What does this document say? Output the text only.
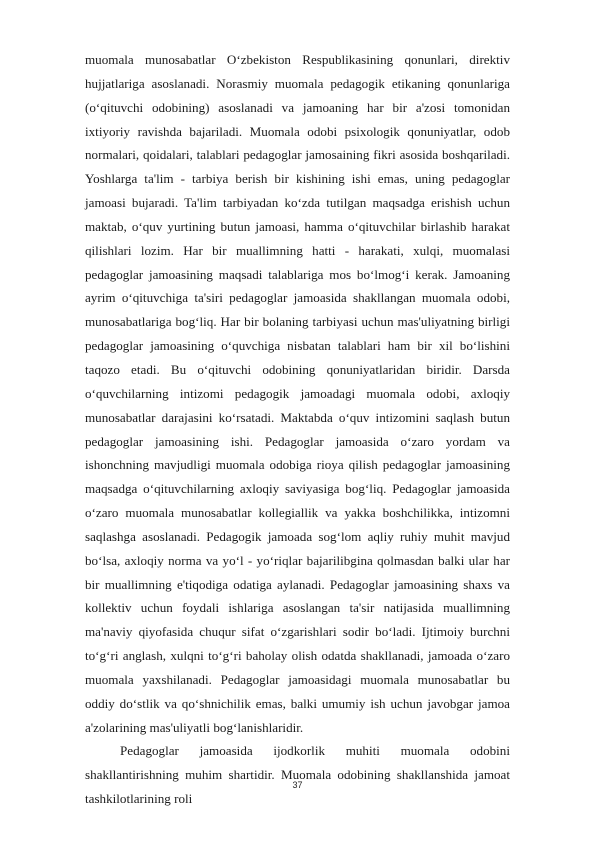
muomala munosabatlar O‘zbekiston Respublikasining qonunlari, direktiv hujjatlariga asoslanadi. Norasmiy muomala pedagogik etikaning qonunlariga (o‘qituvchi odobining) asoslanadi va jamoaning har bir a'zosi tomonidan ixtiyoriy ravishda bajariladi. Muomala odobi psixologik qonuniyatlar, odob normalari, qoidalari, talablari pedagoglar jamosaining fikri asosida boshqariladi. Yoshlarga ta'lim - tarbiya berish bir kishining ishi emas, uning pedagoglar jamoasi bujaradi. Ta'lim tarbiyadan ko‘zda tutilgan maqsadga erishish uchun maktab, o‘quv yurtining butun jamoasi, hamma o‘qituvchilar birlashib harakat qilishlari lozim. Har bir muallimning hatti - harakati, xulqi, muomalasi pedagoglar jamoasining maqsadi talablariga mos bo‘lmog‘i kerak. Jamoaning ayrim o‘qituvchiga ta'siri pedagoglar jamoasida shakllangan muomala odobi, munosabatlariga bog‘liq. Har bir bolaning tarbiyasi uchun mas'uliyatning birligi pedagoglar jamoasining o‘quvchiga nisbatan talablari ham bir xil bo‘lishini taqozo etadi. Bu o‘qituvchi odobining qonuniyatlaridan biridir. Darsda o‘quvchilarning intizomi pedagogik jamoadagi muomala odobi, axloqiy munosabatlar darajasini ko‘rsatadi. Maktabda o‘quv intizomini saqlash butun pedagoglar jamoasining ishi. Pedagoglar jamoasida o‘zaro yordam va ishonchning mavjudligi muomala odobiga rioya qilish pedagoglar jamoasining maqsadga o‘qituvchilarning axloqiy saviyasiga bog‘liq. Pedagoglar jamoasida o‘zaro muomala munosabatlar kollegiallik va yakka boshchilikka, intizomni saqlashga asoslanadi. Pedagogik jamoada sog‘lom aqliy ruhiy muhit mavjud bo‘lsa, axloqiy norma va yo‘l - yo‘riqlar bajarilibgina qolmasdan balki ular har bir muallimning e'tiqodiga odatiga aylanadi. Pedagoglar jamoasining shaxs va kollektiv uchun foydali ishlariga asoslangan ta'sir natijasida muallimning ma'naviy qiyofasida chuqur sifat o‘zgarishlari sodir bo‘ladi. Ijtimoiy burchni to‘g‘ri anglash, xulqni to‘g‘ri baholay olish odatda shakllanadi, jamoada o‘zaro muomala yaxshilanadi. Pedagoglar jamoasidagi muomala munosabatlar bu oddiy do‘stlik va qo‘shnichilik emas, balki umumiy ish uchun javobgar jamoa a'zolarining mas'uliyatli bog‘lanishlaridir.

Pedagoglar jamoasida ijodkorlik muhiti muomala odobini shakllantirishning muhim shartidir. Muomala odobining shakllanshida jamoat tashkilotlarining roli

37
